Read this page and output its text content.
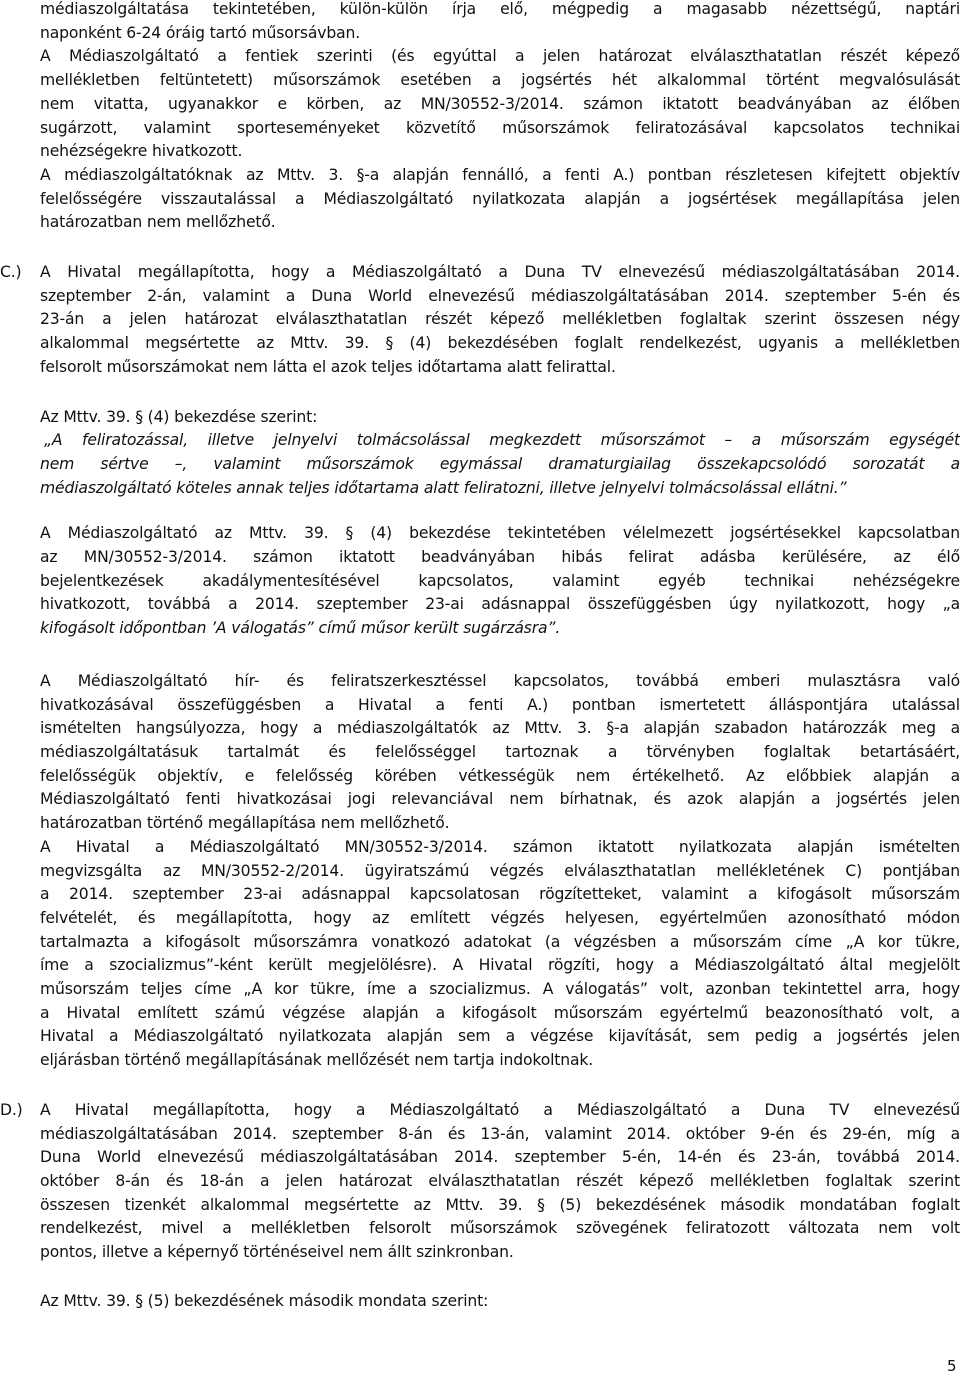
médiaszolgáltatása tekintetében, külön-külön írja elő, mégpedig a magasabb nézettségű, naptári
naponként 6-24 óráig tartó műsorsávban.
A Médiaszolgáltató a fentiek szerinti (és egyúttal a jelen határozat elválaszthatatlan részét képező
mellékletben feltüntetett) műsorszámok esetében a jogsértés hét alkalommal történt megvalósulását
nem vitatta, ugyanakkor e körben, az MN/30552-3/2014. számon iktatott beadványában az élőben
sugárzott, valamint sporteseményeket közvetítő műsorszámok feliratozásával kapcsolatos technikai
nehézségekre hivatkozott.
A médiaszolgáltatóknak az Mttv. 3. §-a alapján fennálló, a fenti A.) pontban részletesen kifejtett objektív
felelősségére visszautalással a Médiaszolgáltató nyilatkozata alapján a jogsértések megállapítása jelen
határozatban nem mellőzhető.
C.) A Hivatal megállapította, hogy a Médiaszolgáltató a Duna TV elnevezésű médiaszolgáltatásában 2014.
szeptember 2-án, valamint a Duna World elnevezésű médiaszolgáltatásában 2014. szeptember 5-én és
23-án a jelen határozat elválaszthatatlan részét képező mellékletben foglaltak szerint összesen négy
alkalommal megsértette az Mttv. 39. § (4) bekezdésében foglalt rendelkezést, ugyanis a mellékletben
felsorolt műsorszámokat nem látta el azok teljes időtartama alatt felirattal.
Az Mttv. 39. § (4) bekezdése szerint:
„A feliratozással, illetve jelnyelvi tolmácsolással megkezdett műsorszámot – a műsorszám egységét
nem sértve –, valamint műsorszámok egymással dramaturgiailag összekapcsolódó sorozatát a
médiaszolgáltató köteles annak teljes időtartama alatt feliratozni, illetve jelnyelvi tolmácsolással ellátni.”
A Médiaszolgáltató az Mttv. 39. § (4) bekezdése tekintetében vélelmezett jogsértésekkel kapcsolatban
az MN/30552-3/2014. számon iktatott beadványában hibás felirat adásba kerülésére, az élő
bejelentkezések akadálymentesítésével kapcsolatos, valamint egyéb technikai nehézségekre
hivatkozott, továbbá a 2014. szeptember 23-ai adásnappal összefüggésben úgy nyilatkozott, hogy „a
kifogásolt időpontban ’A válogatás” című műsor került sugárzásra”.
A Médiaszolgáltató hír- és feliratszerkesztéssel kapcsolatos, továbbá emberi mulasztásra való
hivatkozásával összefüggésben a Hivatal a fenti A.) pontban ismertetett álláspontjára utalással
ismételten hangsúlyozza, hogy a médiaszolgáltatók az Mttv. 3. §-a alapján szabadon határozzák meg a
médiaszolgáltatásuk tartalmát és felelősséggel tartoznak a törvényben foglaltak betartásáért,
felelősségük objektív, e felelősség körében vétkességük nem értékelhető. Az előbbiek alapján a
Médiaszolgáltató fenti hivatkozásai jogi relevanciával nem bírhatnak, és azok alapján a jogsértés jelen
határozatban történő megállapítása nem mellőzhető.
A Hivatal a Médiaszolgáltató MN/30552-3/2014. számon iktatott nyilatkozata alapján ismételten
megvizsgálta az MN/30552-2/2014. ügyiratszámú végzés elválaszthatatlan mellékletének C) pontjában
a 2014. szeptember 23-ai adásnappal kapcsolatosan rögzítetteket, valamint a kifogásolt műsorszám
felvételét, és megállapította, hogy az említett végzés helyesen, egyértelműen azonosítható módon
tartalmazta a kifogásolt műsorszámra vonatkozó adatokat (a végzésben a műsorszám címe „A kor tükre,
íme a szocializmus”-ként került megjelölésre). A Hivatal rögzíti, hogy a Médiaszolgáltató által megjelölt
műsorszám teljes címe „A kor tükre, íme a szocializmus. A válogatás” volt, azonban tekintettel arra, hogy
a Hivatal említett számú végzése alapján a kifogásolt műsorszám egyértelmű beazonosítható volt, a
Hivatal a Médiaszolgáltató nyilatkozata alapján sem a végzése kijavítását, sem pedig a jogsértés jelen
eljárásban történő megállapításának mellőzését nem tartja indokoltnak.
D.) A Hivatal megállapította, hogy a Médiaszolgáltató a Médiaszolgáltató a Duna TV elnevezésű
médiaszolgáltatásában 2014. szeptember 8-án és 13-án, valamint 2014. október 9-én és 29-én, míg a
Duna World elnevezésű médiaszolgáltatásában 2014. szeptember 5-én, 14-én és 23-án, továbbá 2014.
október 8-án és 18-án a jelen határozat elválaszthatatlan részét képező mellékletben foglaltak szerint
összesen tizenkét alkalommal megsértette az Mttv. 39. § (5) bekezdésének második mondatában foglalt
rendelkezést, mivel a mellékletben felsorolt műsorszámok szövegének feliratozott változata nem volt
pontos, illetve a képernyő történéseivel nem állt szinkronban.
Az Mttv. 39. § (5) bekezdésének második mondata szerint:
5
